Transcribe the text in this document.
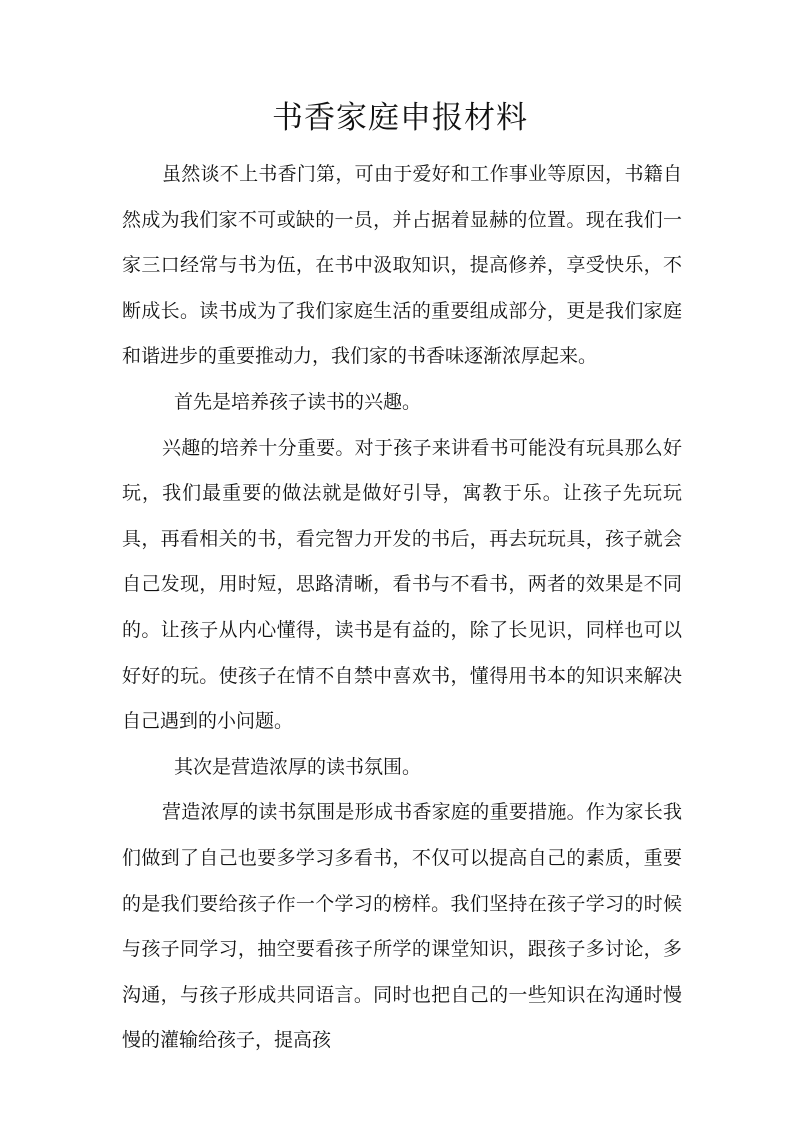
书香家庭申报材料

虽然谈不上书香门第，可由于爱好和工作事业等原因，书籍自然成为我们家不可或缺的一员，并占据着显赫的位置。现在我们一家三口经常与书为伍，在书中汲取知识，提高修养，享受快乐，不断成长。读书成为了我们家庭生活的重要组成部分，更是我们家庭和谐进步的重要推动力，我们家的书香味逐渐浓厚起来。

首先是培养孩子读书的兴趣。

兴趣的培养十分重要。对于孩子来讲看书可能没有玩具那么好玩，我们最重要的做法就是做好引导，寓教于乐。让孩子先玩玩具，再看相关的书，看完智力开发的书后，再去玩玩具，孩子就会自己发现，用时短，思路清晰，看书与不看书，两者的效果是不同的。让孩子从内心懂得，读书是有益的，除了长见识，同样也可以好好的玩。使孩子在情不自禁中喜欢书，懂得用书本的知识来解决自己遇到的小问题。

其次是营造浓厚的读书氛围。

营造浓厚的读书氛围是形成书香家庭的重要措施。作为家长我们做到了自己也要多学习多看书，不仅可以提高自己的素质，重要的是我们要给孩子作一个学习的榜样。我们坚持在孩子学习的时候与孩子同学习，抽空要看孩子所学的课堂知识，跟孩子多讨论，多沟通，与孩子形成共同语言。同时也把自己的一些知识在沟通时慢慢的灌输给孩子，提高孩
